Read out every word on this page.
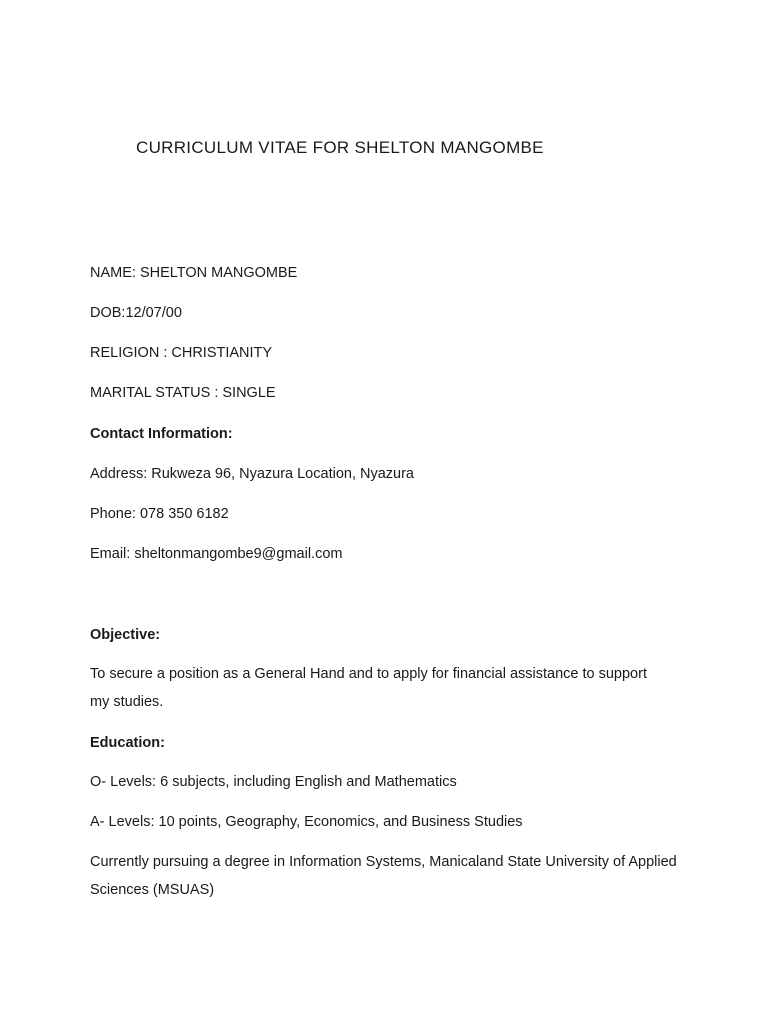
CURRICULUM VITAE FOR SHELTON MANGOMBE

NAME: SHELTON MANGOMBE

DOB:12/07/00

RELIGION : CHRISTIANITY

MARITAL STATUS : SINGLE

Contact Information:

Address: Rukweza 96, Nyazura Location, Nyazura

Phone: 078 350 6182

Email: sheltonmangombe9@gmail.com

Objective:

To secure a position as a General Hand and to apply for financial assistance to support my studies.

Education:

O- Levels: 6 subjects, including English and Mathematics

A- Levels: 10 points, Geography, Economics, and Business Studies

Currently pursuing a degree in Information Systems, Manicaland State University of Applied Sciences (MSUAS)
